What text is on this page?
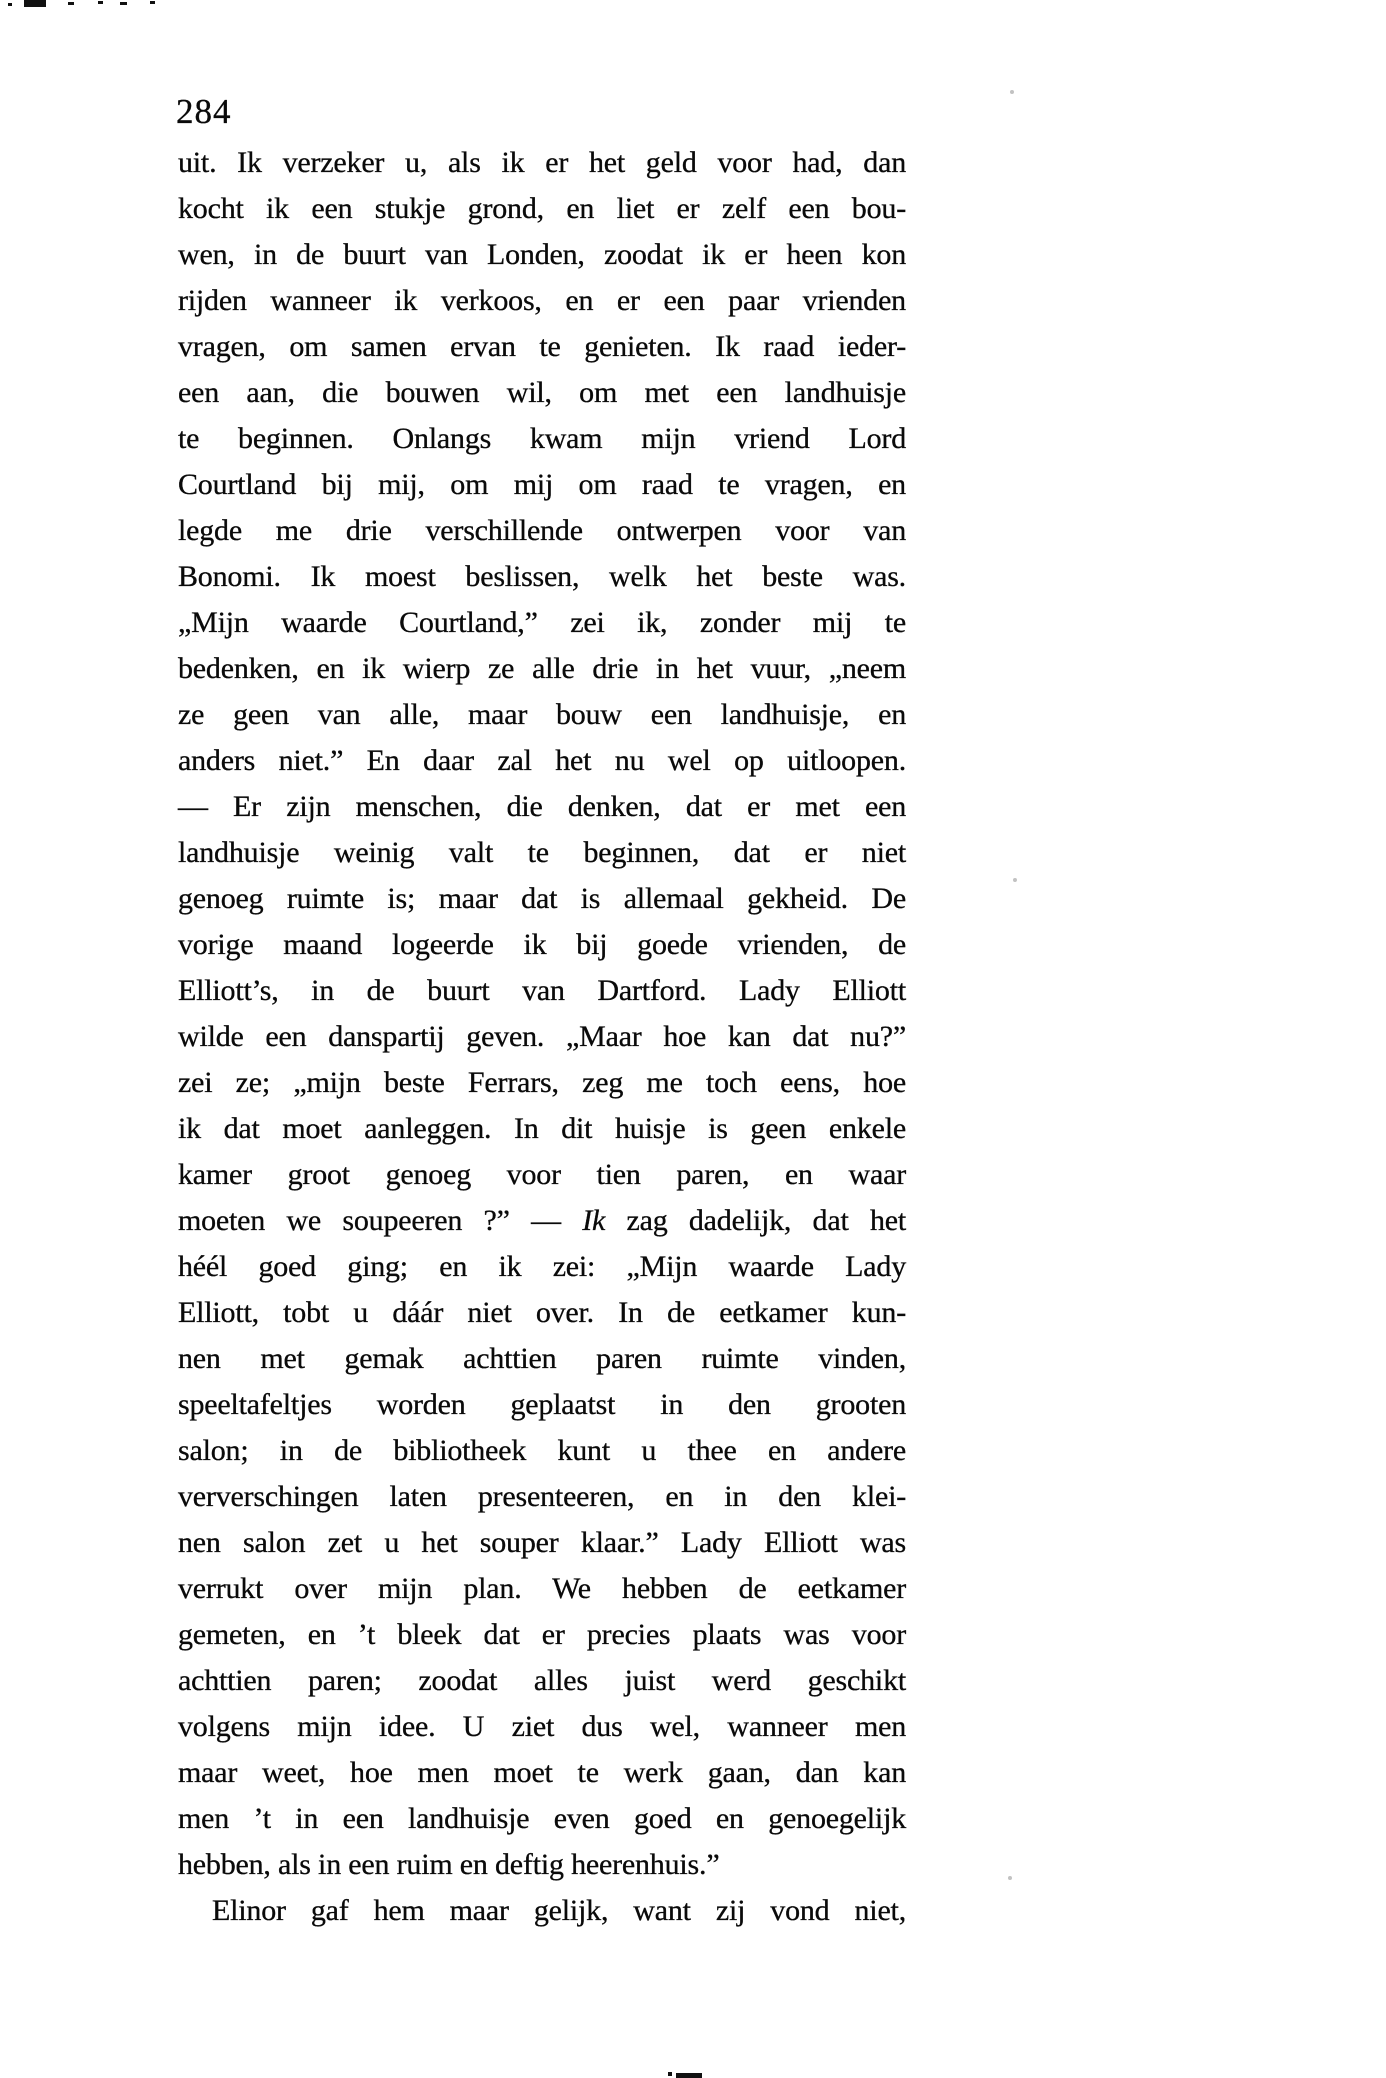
284
uit. Ik verzeker u, als ik er het geld voor had, dan
kocht ik een stukje grond, en liet er zelf een bou-
wen, in de buurt van Londen, zoodat ik er heen kon
rijden wanneer ik verkoos, en er een paar vrienden
vragen, om samen ervan te genieten. Ik raad ieder-
een aan, die bouwen wil, om met een landhuisje
te beginnen. Onlangs kwam mijn vriend Lord
Courtland bij mij, om mij om raad te vragen, en
legde me drie verschillende ontwerpen voor van
Bonomi. Ik moest beslissen, welk het beste was.
„Mijn waarde Courtland,” zei ik, zonder mij te
bedenken, en ik wierp ze alle drie in het vuur, „neem
ze geen van alle, maar bouw een landhuisje, en
anders niet.” En daar zal het nu wel op uitloopen.
— Er zijn menschen, die denken, dat er met een
landhuisje weinig valt te beginnen, dat er niet
genoeg ruimte is; maar dat is allemaal gekheid. De
vorige maand logeerde ik bij goede vrienden, de
Elliott’s, in de buurt van Dartford. Lady Elliott
wilde een danspartij geven. „Maar hoe kan dat nu?”
zei ze; „mijn beste Ferrars, zeg me toch eens, hoe
ik dat moet aanleggen. In dit huisje is geen enkele
kamer groot genoeg voor tien paren, en waar
moeten we soupeeren ?” — Ik zag dadelijk, dat het
héél goed ging; en ik zei: „Mijn waarde Lady
Elliott, tobt u dáár niet over. In de eetkamer kun-
nen met gemak achttien paren ruimte vinden,
speeltafeltjes worden geplaatst in den grooten
salon; in de bibliotheek kunt u thee en andere
ververschingen laten presenteeren, en in den klei-
nen salon zet u het souper klaar.” Lady Elliott was
verrukt over mijn plan. We hebben de eetkamer
gemeten, en ’t bleek dat er precies plaats was voor
achttien paren; zoodat alles juist werd geschikt
volgens mijn idee. U ziet dus wel, wanneer men
maar weet, hoe men moet te werk gaan, dan kan
men ’t in een landhuisje even goed en genoegelijk
hebben, als in een ruim en deftig heerenhuis.”
Elinor gaf hem maar gelijk, want zij vond niet,
